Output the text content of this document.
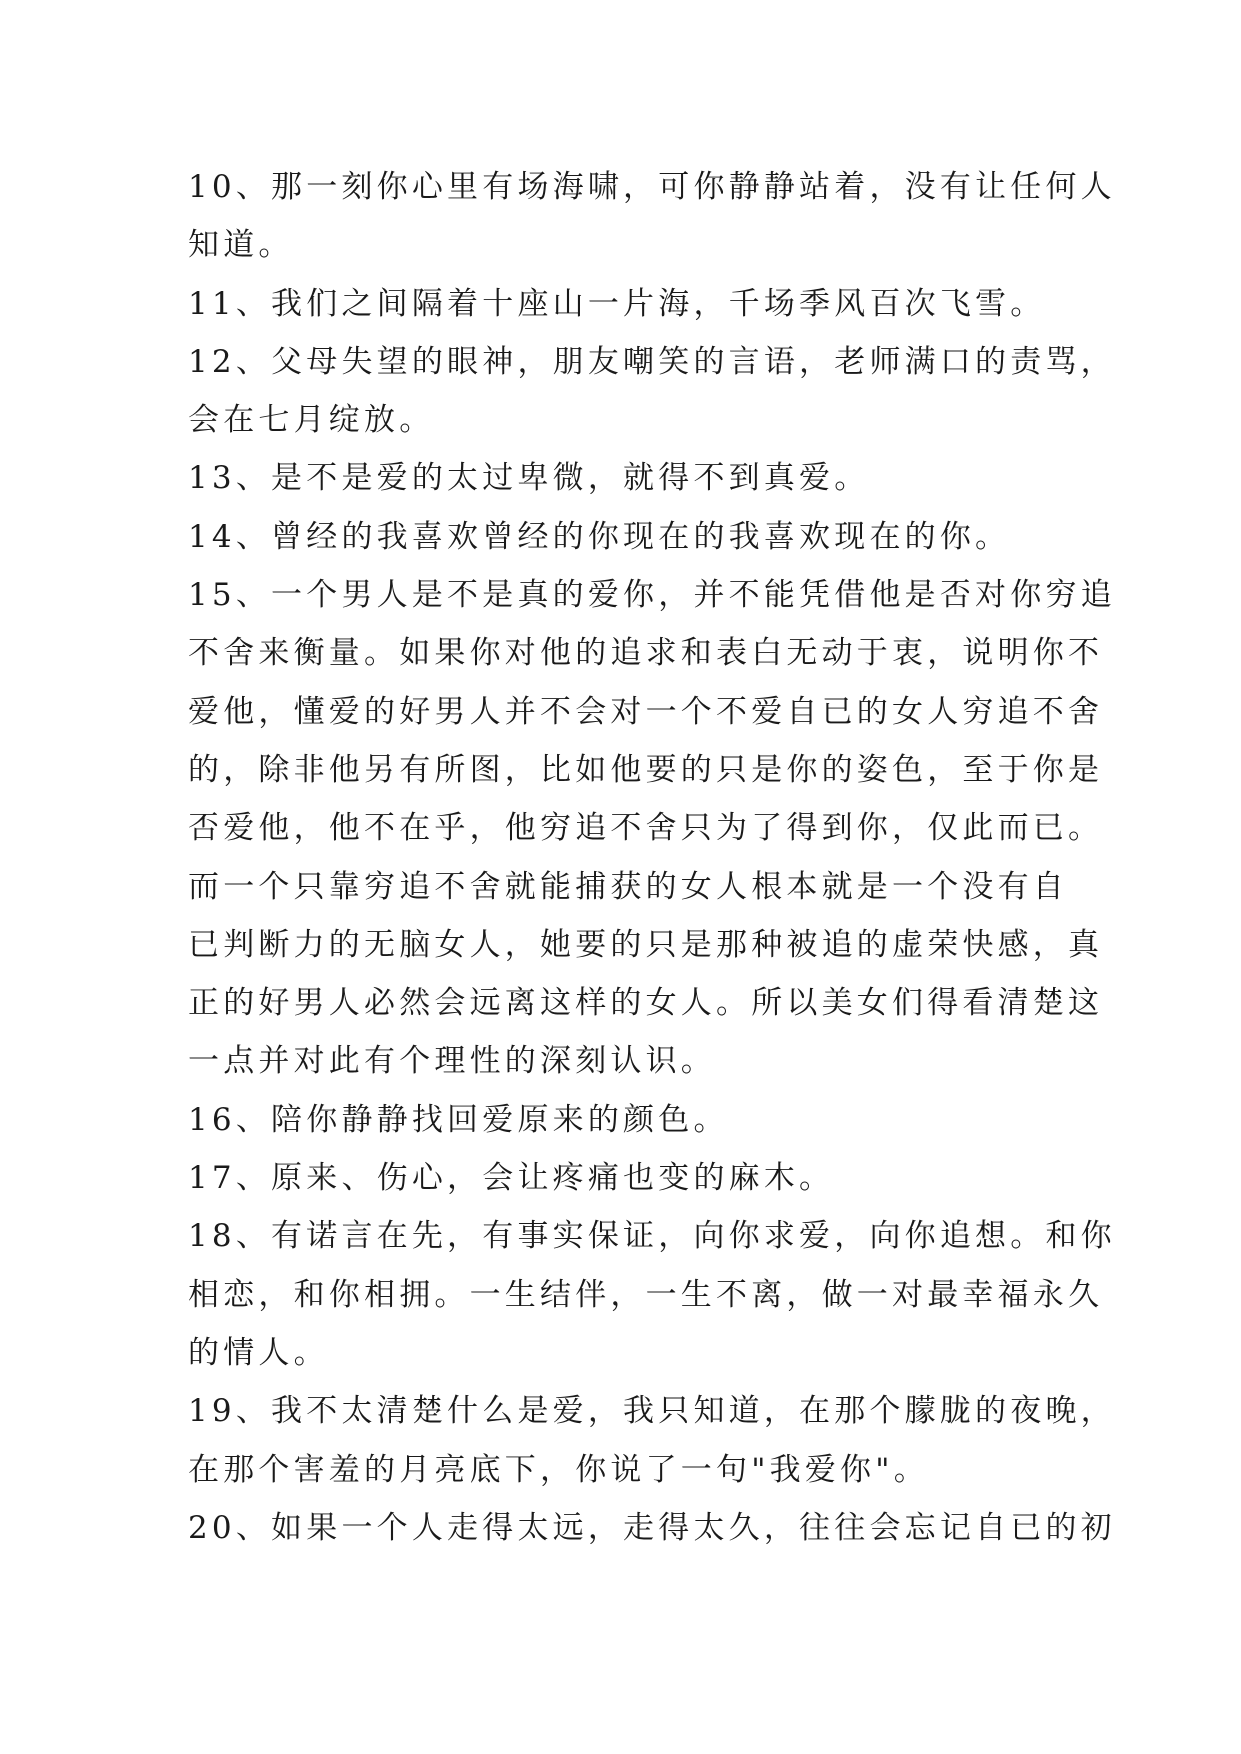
10、那一刻你心里有场海啸，可你静静站着，没有让任何人
知道。
11、我们之间隔着十座山一片海，千场季风百次飞雪。
12、父母失望的眼神，朋友嘲笑的言语，老师满口的责骂，
会在七月绽放。
13、是不是爱的太过卑微，就得不到真爱。
14、曾经的我喜欢曾经的你现在的我喜欢现在的你。
15、一个男人是不是真的爱你，并不能凭借他是否对你穷追
不舍来衡量。如果你对他的追求和表白无动于衷，说明你不
爱他，懂爱的好男人并不会对一个不爱自已的女人穷追不舍
的，除非他另有所图，比如他要的只是你的姿色，至于你是
否爱他，他不在乎，他穷追不舍只为了得到你，仅此而已。
而一个只靠穷追不舍就能捕获的女人根本就是一个没有自
已判断力的无脑女人，她要的只是那种被追的虚荣快感，真
正的好男人必然会远离这样的女人。所以美女们得看清楚这
一点并对此有个理性的深刻认识。
16、陪你静静找回爱原来的颜色。
17、原来、伤心，会让疼痛也变的麻木。
18、有诺言在先，有事实保证，向你求爱，向你追想。和你
相恋，和你相拥。一生结伴，一生不离，做一对最幸福永久
的情人。
19、我不太清楚什么是爱，我只知道，在那个朦胧的夜晚，
在那个害羞的月亮底下，你说了一句"我爱你"。
20、如果一个人走得太远，走得太久，往往会忘记自已的初
